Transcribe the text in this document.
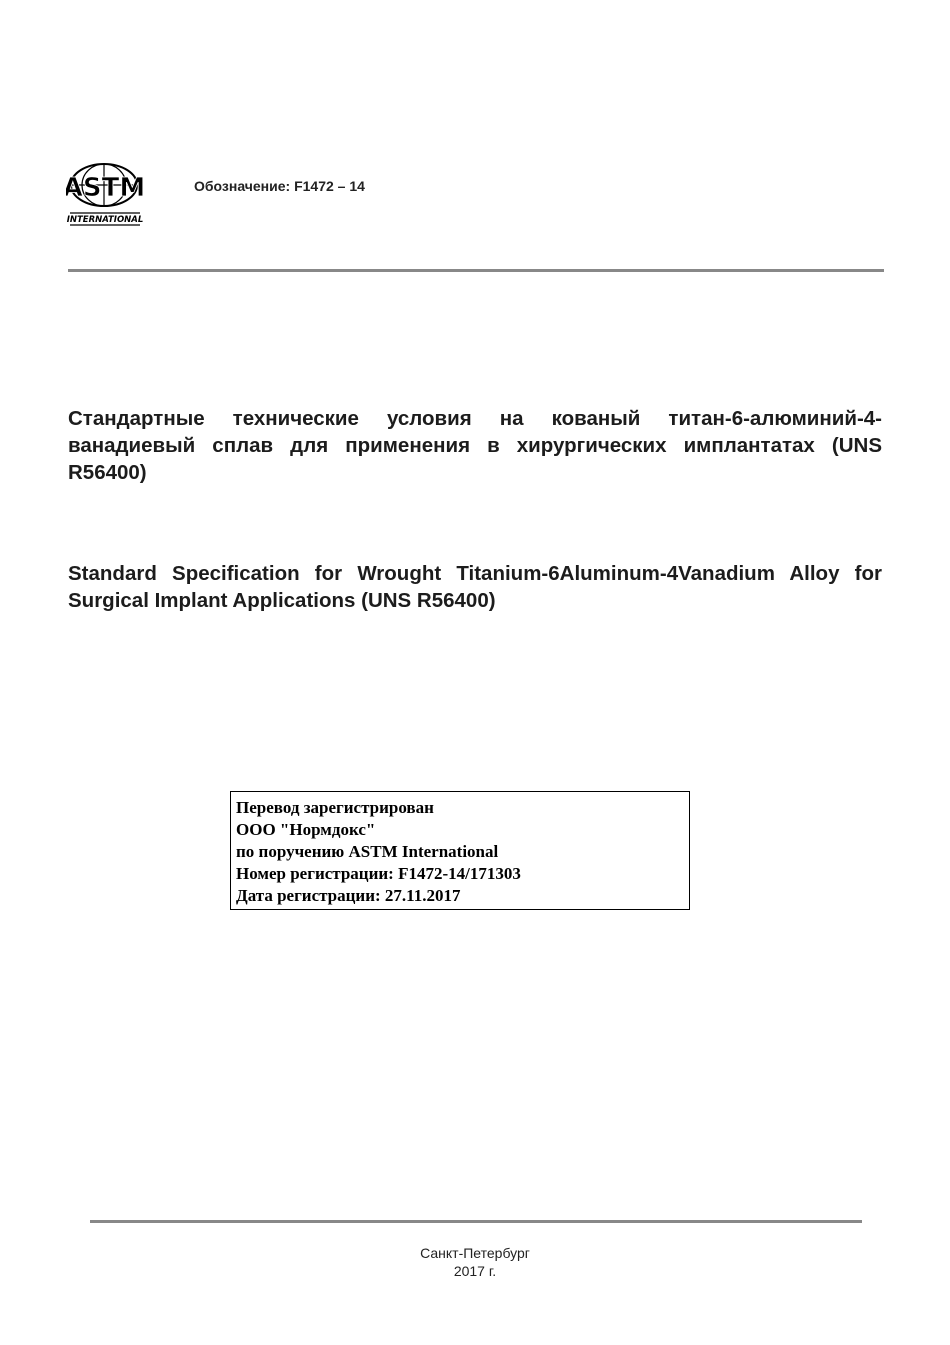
ASTM
INTERNATIONAL
Обозначение: F1472 – 14
Стандартные технические условия на кованый титан-6-алюминий-4-ванадиевый сплав для применения в хирургических имплантатах (UNS R56400)
Standard Specification for Wrought Titanium-6Aluminum-4Vanadium Alloy for Surgical Implant Applications (UNS R56400)
Перевод зарегистрирован
ООО "Нормдокс"
по поручению ASTM International
Номер регистрации: F1472-14/171303
Дата регистрации: 27.11.2017
Санкт-Петербург
2017 г.
